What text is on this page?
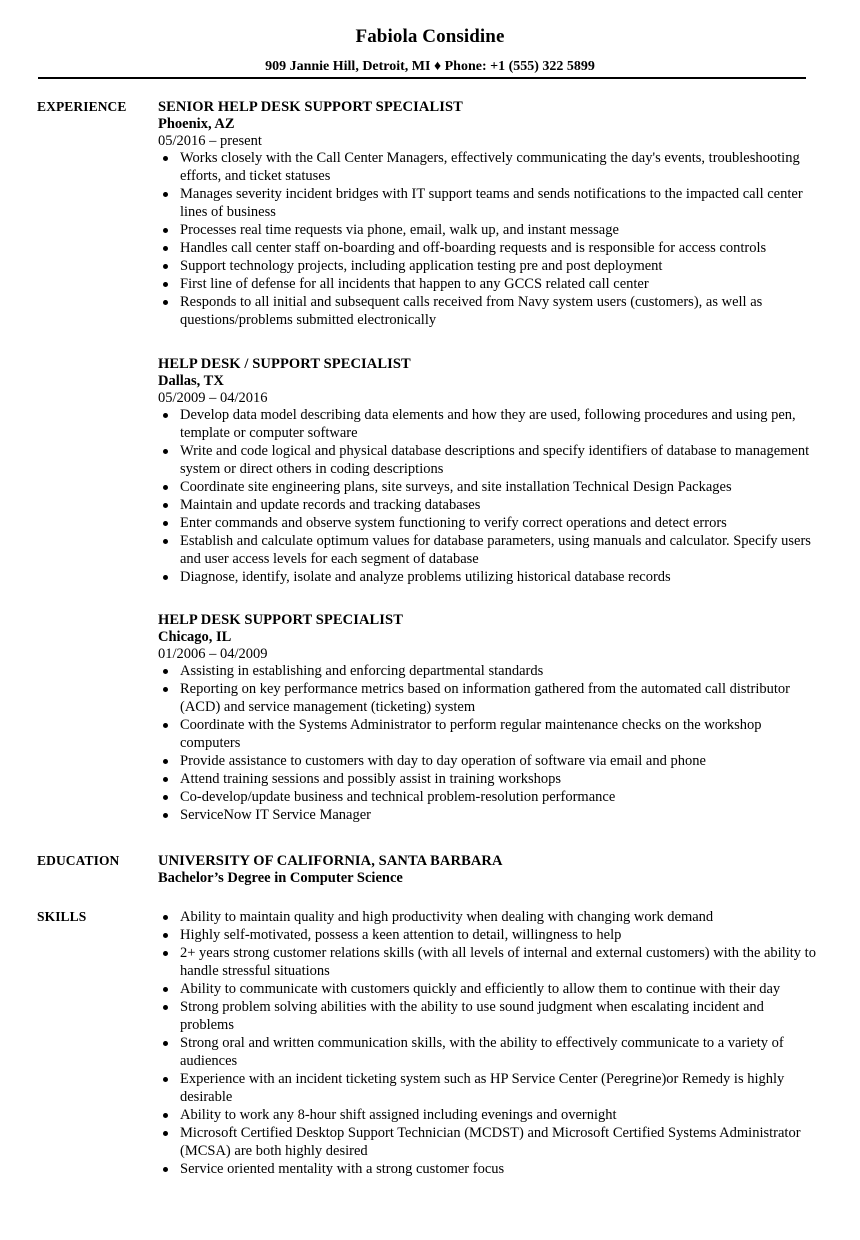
Fabiola Considine
909 Jannie Hill, Detroit, MI ♦ Phone: +1 (555) 322 5899
EXPERIENCE SENIOR HELP DESK SUPPORT SPECIALIST
Phoenix, AZ
05/2016 – present
Works closely with the Call Center Managers, effectively communicating the day's events, troubleshooting efforts, and ticket statuses
Manages severity incident bridges with IT support teams and sends notifications to the impacted call center lines of business
Processes real time requests via phone, email, walk up, and instant message
Handles call center staff on-boarding and off-boarding requests and is responsible for access controls
Support technology projects, including application testing pre and post deployment
First line of defense for all incidents that happen to any GCCS related call center
Responds to all initial and subsequent calls received from Navy system users (customers), as well as questions/problems submitted electronically
HELP DESK / SUPPORT SPECIALIST
Dallas, TX
05/2009 – 04/2016
Develop data model describing data elements and how they are used, following procedures and using pen, template or computer software
Write and code logical and physical database descriptions and specify identifiers of database to management system or direct others in coding descriptions
Coordinate site engineering plans, site surveys, and site installation Technical Design Packages
Maintain and update records and tracking databases
Enter commands and observe system functioning to verify correct operations and detect errors
Establish and calculate optimum values for database parameters, using manuals and calculator. Specify users and user access levels for each segment of database
Diagnose, identify, isolate and analyze problems utilizing historical database records
HELP DESK SUPPORT SPECIALIST
Chicago, IL
01/2006 – 04/2009
Assisting in establishing and enforcing departmental standards
Reporting on key performance metrics based on information gathered from the automated call distributor (ACD) and service management (ticketing) system
Coordinate with the Systems Administrator to perform regular maintenance checks on the workshop computers
Provide assistance to customers with day to day operation of software via email and phone
Attend training sessions and possibly assist in training workshops
Co-develop/update business and technical problem-resolution performance
ServiceNow IT Service Manager
EDUCATION	UNIVERSITY OF CALIFORNIA, SANTA BARBARA
Bachelor’s Degree in Computer Science
SKILLS	Ability to maintain quality and high productivity when dealing with changing work demand
Highly self-motivated, possess a keen attention to detail, willingness to help
2+ years strong customer relations skills (with all levels of internal and external customers) with the ability to handle stressful situations
Ability to communicate with customers quickly and efficiently to allow them to continue with their day
Strong problem solving abilities with the ability to use sound judgment when escalating incident and problems
Strong oral and written communication skills, with the ability to effectively communicate to a variety of audiences
Experience with an incident ticketing system such as HP Service Center (Peregrine)or Remedy is highly desirable
Ability to work any 8-hour shift assigned including evenings and overnight
Microsoft Certified Desktop Support Technician (MCDST) and Microsoft Certified Systems Administrator (MCSA) are both highly desired
Service oriented mentality with a strong customer focus
